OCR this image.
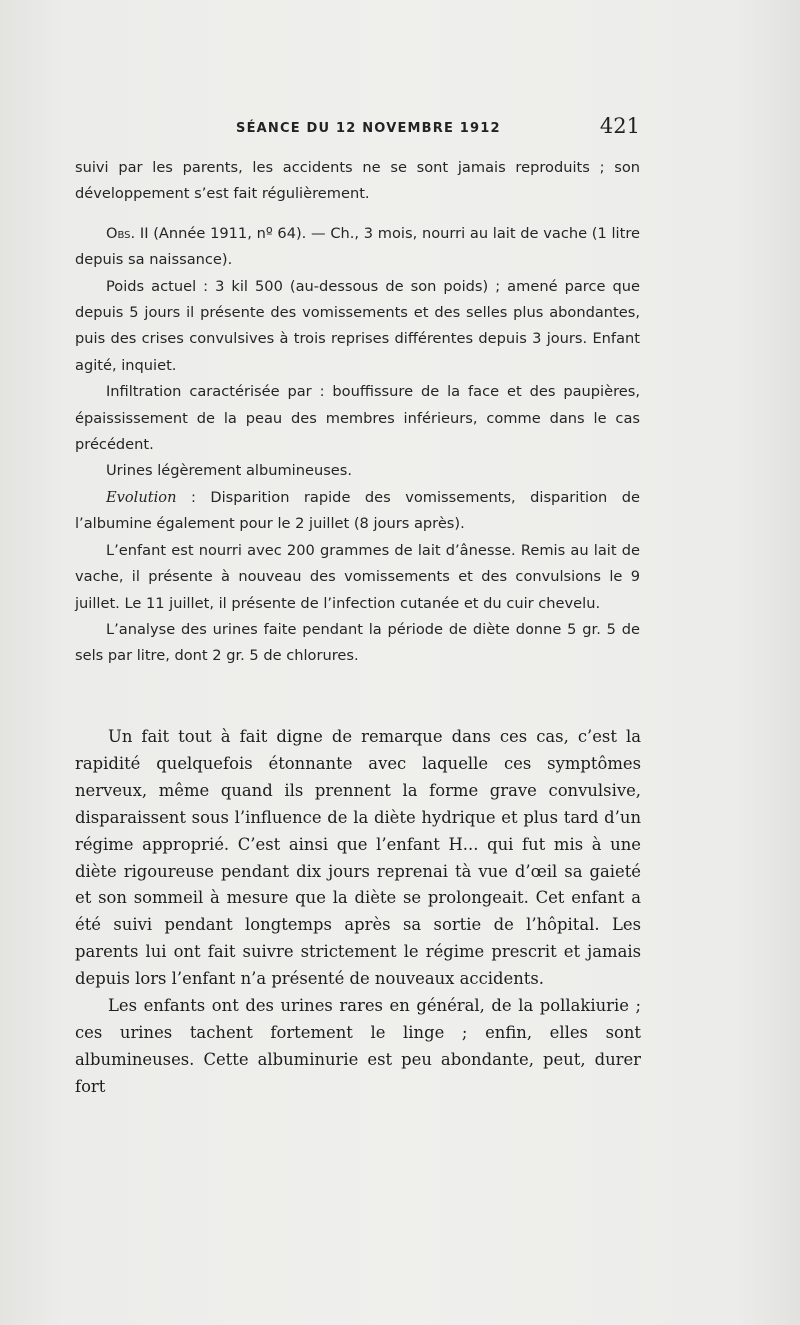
SÉANCE DU 12 NOVEMBRE 1912	421

suivi par les parents, les accidents ne se sont jamais reproduits ; son développement s’est fait régulièrement.

Obs. II (Année 1911, nº 64). — Ch., 3 mois, nourri au lait de vache (1 litre depuis sa naissance).

Poids actuel : 3 kil 500 (au-dessous de son poids) ; amené parce que depuis 5 jours il présente des vomissements et des selles plus abondantes, puis des crises convulsives à trois reprises différentes depuis 3 jours. Enfant agité, inquiet.

Infiltration caractérisée par : bouffissure de la face et des paupières, épaississement de la peau des membres inférieurs, comme dans le cas précédent.

Urines légèrement albumineuses.

Evolution : Disparition rapide des vomissements, disparition de l’albumine également pour le 2 juillet (8 jours après).

L’enfant est nourri avec 200 grammes de lait d’ânesse. Remis au lait de vache, il présente à nouveau des vomissements et des convulsions le 9 juillet. Le 11 juillet, il présente de l’infection cutanée et du cuir chevelu.

L’analyse des urines faite pendant la période de diète donne 5 gr. 5 de sels par litre, dont 2 gr. 5 de chlorures.

Un fait tout à fait digne de remarque dans ces cas, c’est la rapidité quelquefois étonnante avec laquelle ces symptômes nerveux, même quand ils prennent la forme grave convulsive, disparaissent sous l’influence de la diète hydrique et plus tard d’un régime approprié. C’est ainsi que l’enfant H... qui fut mis à une diète rigoureuse pendant dix jours reprenai tà vue d’œil sa gaieté et son sommeil à mesure que la diète se prolongeait. Cet enfant a été suivi pendant longtemps après sa sortie de l’hôpital. Les parents lui ont fait suivre strictement le régime prescrit et jamais depuis lors l’enfant n’a présenté de nouveaux accidents.

Les enfants ont des urines rares en général, de la pollakiurie ; ces urines tachent fortement le linge ; enfin, elles sont albumineuses. Cette albuminurie est peu abondante, peut, durer fort
